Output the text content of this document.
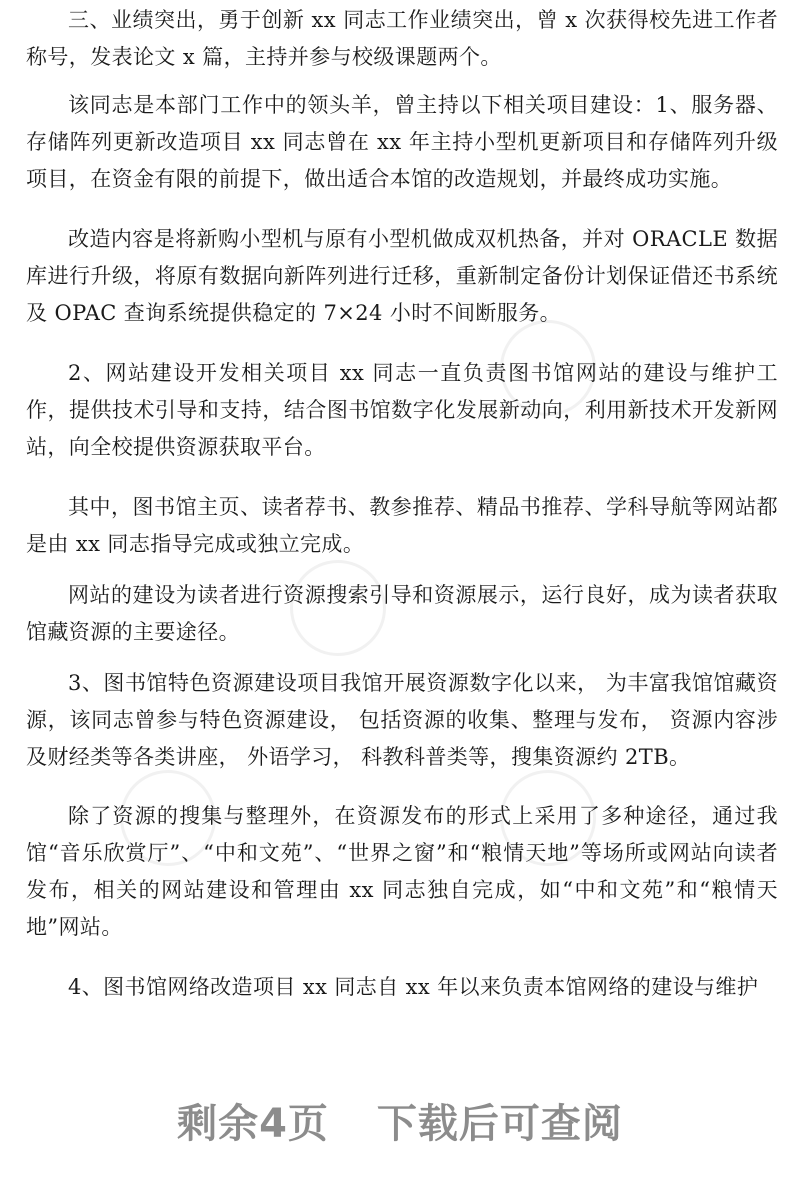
三、业绩突出，勇于创新 xx 同志工作业绩突出，曾 x 次获得校先进工作者称号，发表论文 x 篇，主持并参与校级课题两个。

该同志是本部门工作中的领头羊，曾主持以下相关项目建设：1、服务器、存储阵列更新改造项目 xx 同志曾在 xx 年主持小型机更新项目和存储阵列升级项目，在资金有限的前提下，做出适合本馆的改造规划，并最终成功实施。

改造内容是将新购小型机与原有小型机做成双机热备，并对 ORACLE 数据库进行升级，将原有数据向新阵列进行迁移，重新制定备份计划保证借还书系统及 OPAC 查询系统提供稳定的 7×24 小时不间断服务。

2、网站建设开发相关项目 xx 同志一直负责图书馆网站的建设与维护工作，提供技术引导和支持，结合图书馆数字化发展新动向，利用新技术开发新网站，向全校提供资源获取平台。

其中，图书馆主页、读者荐书、教参推荐、精品书推荐、学科导航等网站都是由 xx 同志指导完成或独立完成。

网站的建设为读者进行资源搜索引导和资源展示，运行良好，成为读者获取馆藏资源的主要途径。

3、图书馆特色资源建设项目我馆开展资源数字化以来， 为丰富我馆馆藏资源，该同志曾参与特色资源建设， 包括资源的收集、整理与发布， 资源内容涉及财经类等各类讲座， 外语学习， 科教科普类等，搜集资源约 2TB。

除了资源的搜集与整理外，在资源发布的形式上采用了多种途径，通过我馆“音乐欣赏厅”、“中和文苑”、“世界之窗”和“粮情天地”等场所或网站向读者发布，相关的网站建设和管理由 xx 同志独自完成，如“中和文苑”和“粮情天地”网站。

4、图书馆网络改造项目 xx 同志自 xx 年以来负责本馆网络的建设与维护

剩余4页 下载后可查阅
